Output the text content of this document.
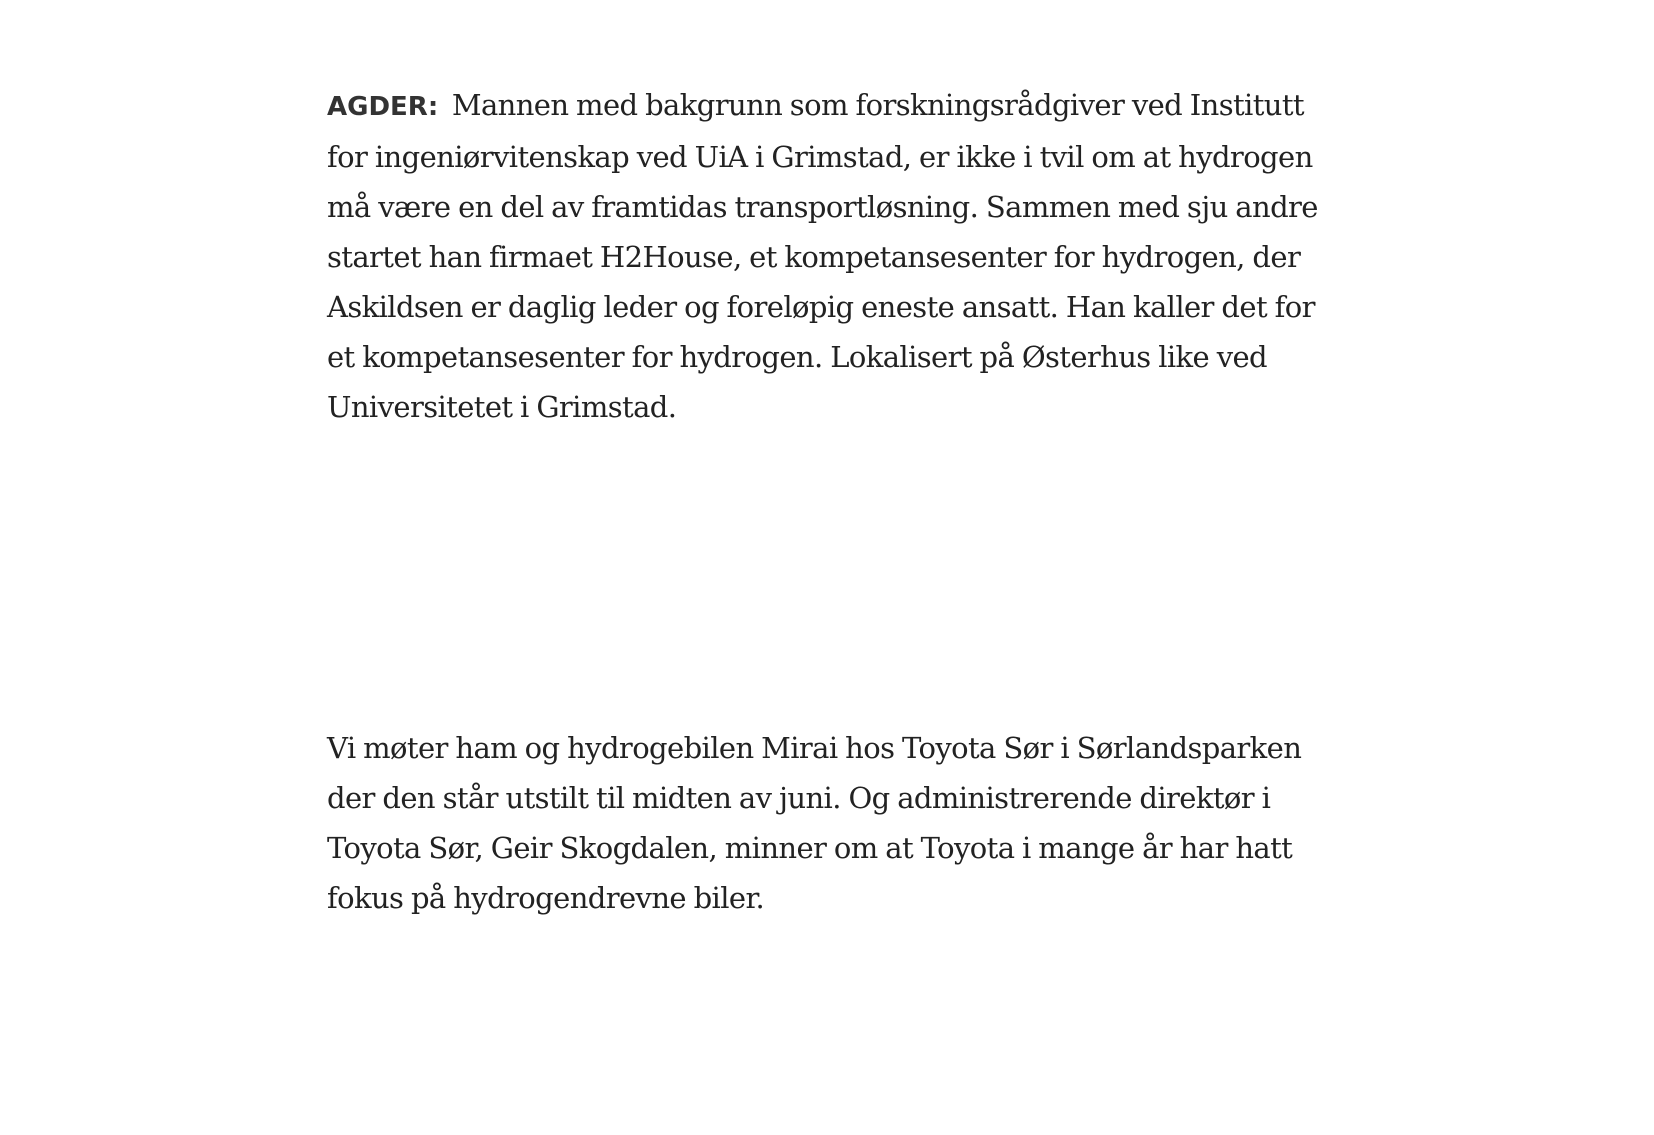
AGDER: Mannen med bakgrunn som forskningsrådgiver ved Institutt for ingeniørvitenskap ved UiA i Grimstad, er ikke i tvil om at hydrogen må være en del av framtidas transportløsning. Sammen med sju andre startet han firmaet H2House, et kompetansesenter for hydrogen, der Askildsen er daglig leder og foreløpig eneste ansatt. Han kaller det for et kompetansesenter for hydrogen. Lokalisert på Østerhus like ved Universitetet i Grimstad.

Vi møter ham og hydrogebilen Mirai hos Toyota Sør i Sørlandsparken der den står utstilt til midten av juni. Og administrerende direktør i Toyota Sør, Geir Skogdalen, minner om at Toyota i mange år har hatt fokus på hydrogendrevne biler.
